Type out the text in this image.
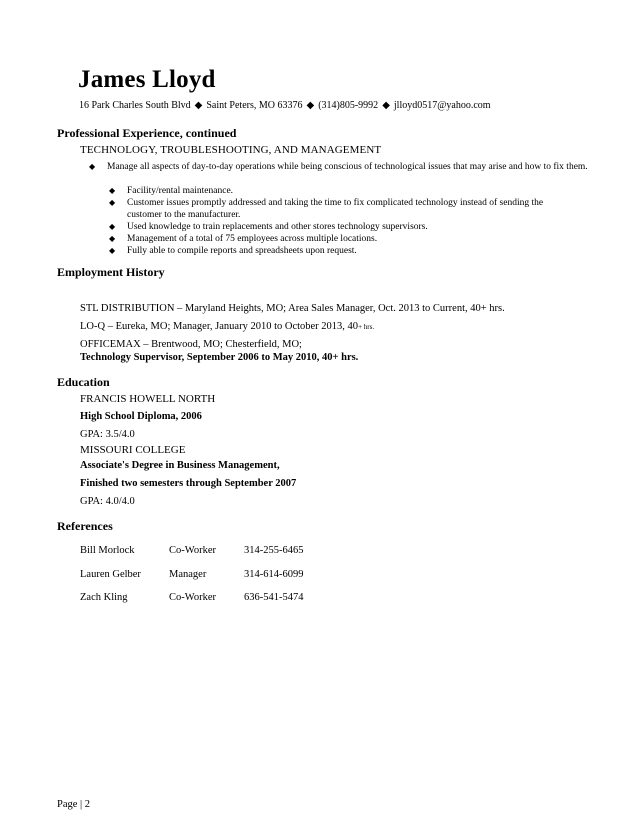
James Lloyd
16 Park Charles South Blvd ◆ Saint Peters, MO 63376 ◆ (314)805-9992 ◆ jlloyd0517@yahoo.com
Professional Experience, continued
TECHNOLOGY, TROUBLESHOOTING, AND MANAGEMENT
◆ Manage all aspects of day-to-day operations while being conscious of technological issues that may arise and how to fix them.
◆ Facility/rental maintenance.
◆ Customer issues promptly addressed and taking the time to fix complicated technology instead of sending the customer to the manufacturer.
◆ Used knowledge to train replacements and other stores technology supervisors.
◆ Management of a total of 75 employees across multiple locations.
◆ Fully able to compile reports and spreadsheets upon request.
Employment History
STL DISTRIBUTION – Maryland Heights, MO; Area Sales Manager, Oct. 2013 to Current, 40+ hrs.
LO-Q – Eureka, MO; Manager, January 2010 to October 2013, 40+ hrs.
OFFICEMAX – Brentwood, MO; Chesterfield, MO;
Technology Supervisor, September 2006 to May 2010, 40+ hrs.
Education
FRANCIS HOWELL NORTH
High School Diploma, 2006
GPA: 3.5/4.0
MISSOURI COLLEGE
Associate's Degree in Business Management,
Finished two semesters through September 2007
GPA: 4.0/4.0
References
Bill Morlock	Co-Worker	314-255-6465
Lauren Gelber	Manager	314-614-6099
Zach Kling	Co-Worker	636-541-5474
Page | 2
